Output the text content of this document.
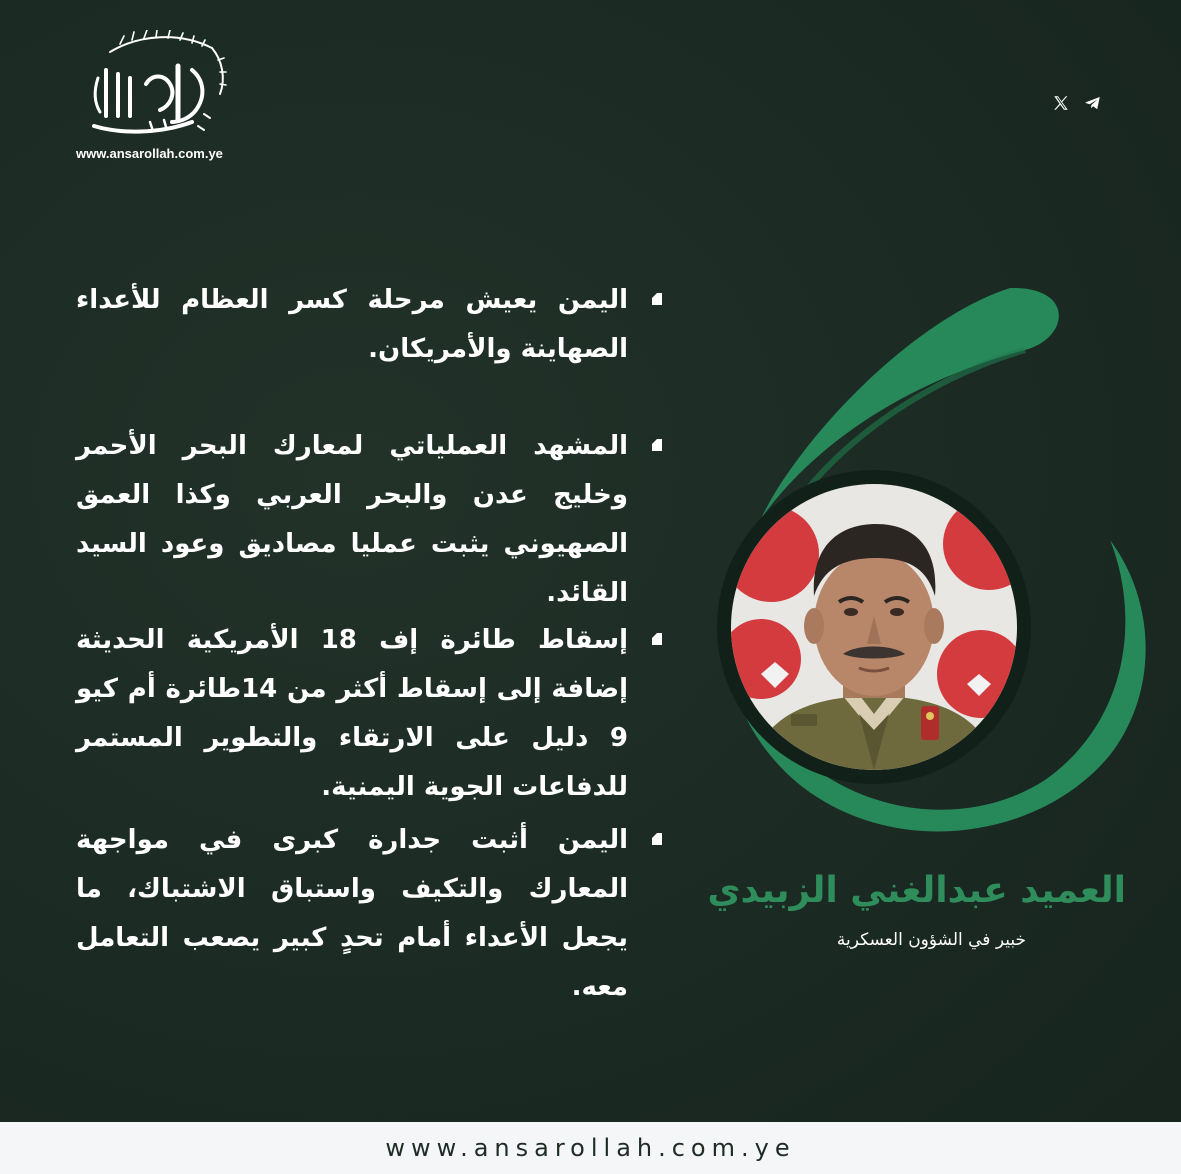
www.ansarollah.com.ye
اليمن يعيش مرحلة كسر العظام للأعداء الصهاينة والأمريكان.
المشهد العملياتي لمعارك البحر الأحمر وخليج عدن والبحر العربي وكذا العمق الصهيوني يثبت عمليا مصاديق وعود السيد القائد.
إسقاط طائرة إف 18 الأمريكية الحديثة إضافة إلى إسقاط أكثر من 14طائرة أم كيو 9 دليل على الارتقاء والتطوير المستمر للدفاعات الجوية اليمنية.
اليمن أثبت جدارة كبرى في مواجهة المعارك والتكيف واستباق الاشتباك، ما يجعل الأعداء أمام تحدٍ كبير يصعب التعامل معه.
العميد عبدالغني الزبيدي
خبير في الشؤون العسكرية
www.ansarollah.com.ye
